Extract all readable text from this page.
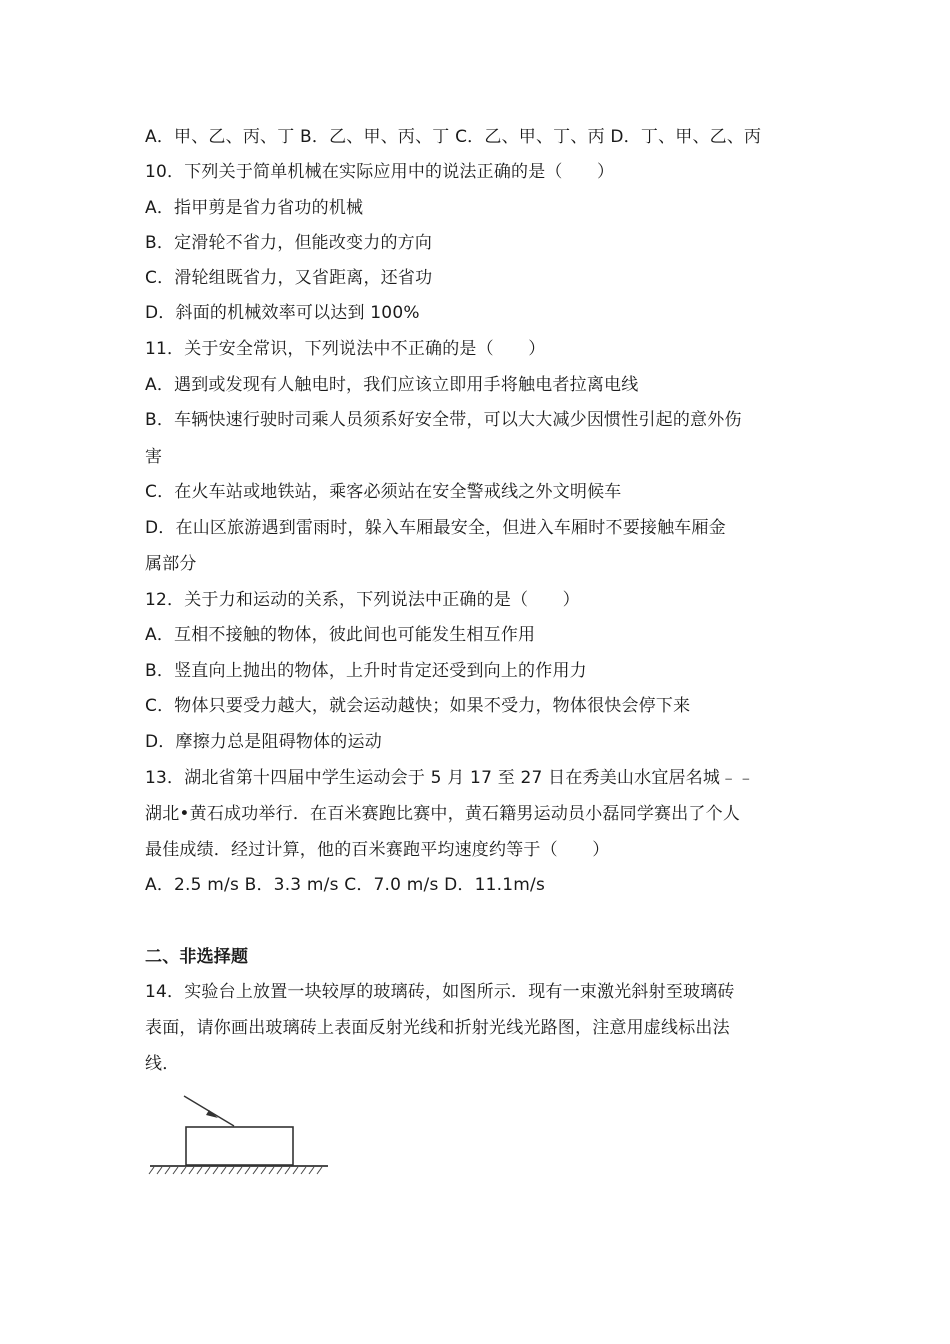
A．甲、乙、丙、丁 B．乙、甲、丙、丁 C．乙、甲、丁、丙 D．丁、甲、乙、丙
10．下列关于简单机械在实际应用中的说法正确的是（　　）
A．指甲剪是省力省功的机械
B．定滑轮不省力，但能改变力的方向
C．滑轮组既省力，又省距离，还省功
D．斜面的机械效率可以达到 100%
11．关于安全常识，下列说法中不正确的是（　　）
A．遇到或发现有人触电时，我们应该立即用手将触电者拉离电线
B．车辆快速行驶时司乘人员须系好安全带，可以大大减少因惯性引起的意外伤
害
C．在火车站或地铁站，乘客必须站在安全警戒线之外文明候车
D．在山区旅游遇到雷雨时，躲入车厢最安全，但进入车厢时不要接触车厢金
属部分
12．关于力和运动的关系，下列说法中正确的是（　　）
A．互相不接触的物体，彼此间也可能发生相互作用
B．竖直向上抛出的物体，上升时肯定还受到向上的作用力
C．物体只要受力越大，就会运动越快；如果不受力，物体很快会停下来
D．摩擦力总是阻碍物体的运动
13．湖北省第十四届中学生运动会于 5 月 17 至 27 日在秀美山水宜居名城﹣﹣
湖北•黄石成功举行．在百米赛跑比赛中，黄石籍男运动员小磊同学赛出了个人
最佳成绩．经过计算，他的百米赛跑平均速度约等于（　　）
A．2.5 m/s B．3.3 m/s C．7.0 m/s D．11.1m/s
二、非选择题
14．实验台上放置一块较厚的玻璃砖，如图所示．现有一束激光斜射至玻璃砖
表面，请你画出玻璃砖上表面反射光线和折射光线光路图，注意用虚线标出法
线．
